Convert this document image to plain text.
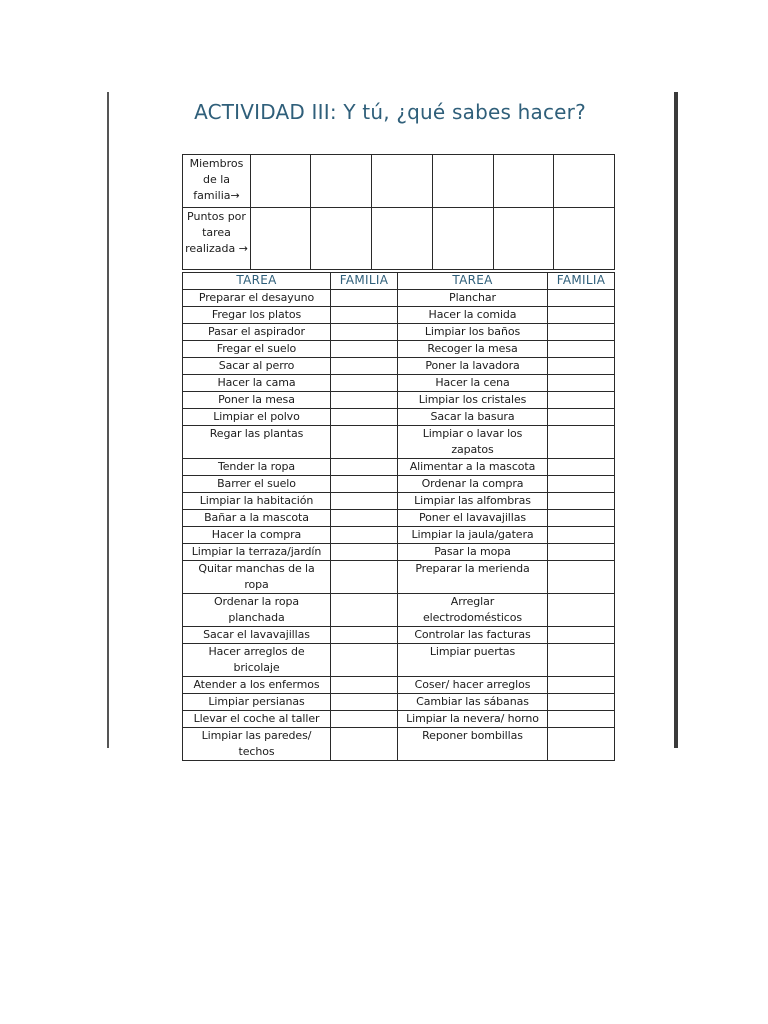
ACTIVIDAD III: Y tú, ¿qué sabes hacer?
Miembros de la familia→						
Puntos por tarea realizada →						
TAREA	FAMILIA	TAREA	FAMILIA
Preparar el desayuno		Planchar	
Fregar los platos		Hacer la comida	
Pasar el aspirador		Limpiar los baños	
Fregar el suelo		Recoger la mesa	
Sacar al perro		Poner la lavadora	
Hacer la cama		Hacer la cena	
Poner la mesa		Limpiar los cristales	
Limpiar el polvo		Sacar la basura	
Regar las plantas		Limpiar o lavar los zapatos	
Tender la ropa		Alimentar a la mascota	
Barrer el suelo		Ordenar la compra	
Limpiar la habitación		Limpiar las alfombras	
Bañar a la mascota		Poner el lavavajillas	
Hacer la compra		Limpiar la jaula/gatera	
Limpiar la terraza/jardín		Pasar la mopa	
Quitar manchas de la ropa		Preparar la merienda	
Ordenar la ropa planchada		Arreglar electrodomésticos	
Sacar el lavavajillas		Controlar las facturas	
Hacer arreglos de bricolaje		Limpiar puertas	
Atender a los enfermos		Coser/ hacer arreglos	
Limpiar persianas		Cambiar las sábanas	
Llevar el coche al taller		Limpiar la nevera/ horno	
Limpiar las paredes/ techos		Reponer bombillas	
